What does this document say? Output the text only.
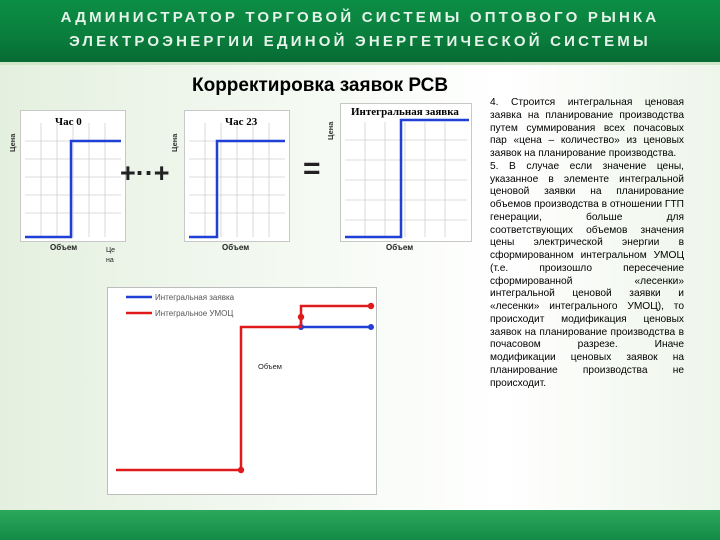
АДМИНИСТРАТОР ТОРГОВОЙ СИСТЕМЫ ОПТОВОГО РЫНКА
ЭЛЕКТРОЭНЕРГИИ ЕДИНОЙ ЭНЕРГЕТИЧЕСКОЙ СИСТЕМЫ
Корректировка заявок РСВ
Час 0
Цена
Объем
+··+
Час 23
Цена
Объем
=
Интегральная заявка
Цена
Объем
Це на
Интегральная заявка
Интегральное УМОЦ
Объем

4. Строится интегральная ценовая заявка на планирование производства путем суммирования всех почасовых пар «цена – количество» из ценовых заявок на планирование производства.

5. В случае если значение цены, указанное в элементе интегральной ценовой заявки на планирование объемов производства в отношении ГТП генерации, больше для соответствующих объемов значения цены электрической энергии в сформированном интегральном УМОЦ (т.е. произошло пересечение сформированной «лесенки» интегральной ценовой заявки и «лесенки» интегрального УМОЦ), то происходит модификация ценовых заявок на планирование производства в почасовом разрезе. Иначе модификации ценовых заявок на планирование производства не происходит.
